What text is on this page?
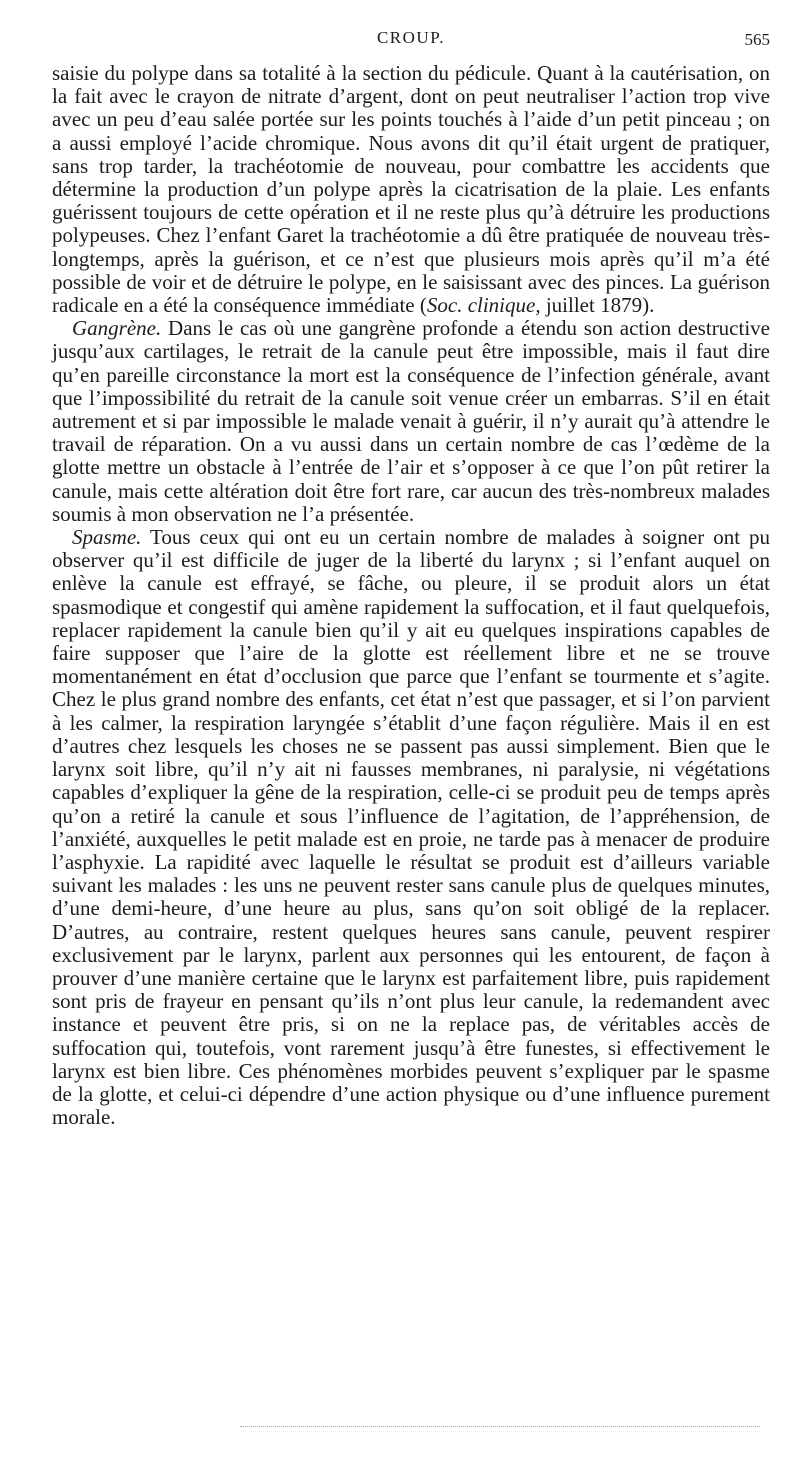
CROUP.	565

saisie du polype dans sa totalité à la section du pédicule. Quant à la cautérisation, on la fait avec le crayon de nitrate d’argent, dont on peut neutraliser l’action trop vive avec un peu d’eau salée portée sur les points touchés à l’aide d’un petit pinceau ; on a aussi employé l’acide chromique. Nous avons dit qu’il était urgent de pratiquer, sans trop tarder, la trachéotomie de nouveau, pour combattre les accidents que détermine la production d’un polype après la cicatrisation de la plaie. Les enfants guérissent toujours de cette opération et il ne reste plus qu’à détruire les productions polypeuses. Chez l’enfant Garet la trachéotomie a dû être pratiquée de nouveau très-longtemps, après la guérison, et ce n’est que plusieurs mois après qu’il m’a été possible de voir et de détruire le polype, en le saisissant avec des pinces. La guérison radicale en a été la conséquence immédiate (Soc. clinique, juillet 1879).

Gangrène. Dans le cas où une gangrène profonde a étendu son action destructive jusqu’aux cartilages, le retrait de la canule peut être impossible, mais il faut dire qu’en pareille circonstance la mort est la conséquence de l’infection générale, avant que l’impossibilité du retrait de la canule soit venue créer un embarras. S’il en était autrement et si par impossible le malade venait à guérir, il n’y aurait qu’à attendre le travail de réparation. On a vu aussi dans un certain nombre de cas l’œdème de la glotte mettre un obstacle à l’entrée de l’air et s’opposer à ce que l’on pût retirer la canule, mais cette altération doit être fort rare, car aucun des très-nombreux malades soumis à mon observation ne l’a présentée.

Spasme. Tous ceux qui ont eu un certain nombre de malades à soigner ont pu observer qu’il est difficile de juger de la liberté du larynx ; si l’enfant auquel on enlève la canule est effrayé, se fâche, ou pleure, il se produit alors un état spasmodique et congestif qui amène rapidement la suffocation, et il faut quelquefois, replacer rapidement la canule bien qu’il y ait eu quelques inspirations capables de faire supposer que l’aire de la glotte est réellement libre et ne se trouve momentanément en état d’occlusion que parce que l’enfant se tourmente et s’agite. Chez le plus grand nombre des enfants, cet état n’est que passager, et si l’on parvient à les calmer, la respiration laryngée s’établit d’une façon régulière. Mais il en est d’autres chez lesquels les choses ne se passent pas aussi simplement. Bien que le larynx soit libre, qu’il n’y ait ni fausses membranes, ni paralysie, ni végétations capables d’expliquer la gêne de la respiration, celle-ci se produit peu de temps après qu’on a retiré la canule et sous l’influence de l’agitation, de l’appréhension, de l’anxiété, auxquelles le petit malade est en proie, ne tarde pas à menacer de produire l’asphyxie. La rapidité avec laquelle le résultat se produit est d’ailleurs variable suivant les malades : les uns ne peuvent rester sans canule plus de quelques minutes, d’une demi-heure, d’une heure au plus, sans qu’on soit obligé de la replacer. D’autres, au contraire, restent quelques heures sans canule, peuvent respirer exclusivement par le larynx, parlent aux personnes qui les entourent, de façon à prouver d’une manière certaine que le larynx est parfaitement libre, puis rapidement sont pris de frayeur en pensant qu’ils n’ont plus leur canule, la redemandent avec instance et peuvent être pris, si on ne la replace pas, de véritables accès de suffocation qui, toutefois, vont rarement jusqu’à être funestes, si effectivement le larynx est bien libre. Ces phénomènes morbides peuvent s’expliquer par le spasme de la glotte, et celui-ci dépendre d’une action physique ou d’une influence purement morale.
